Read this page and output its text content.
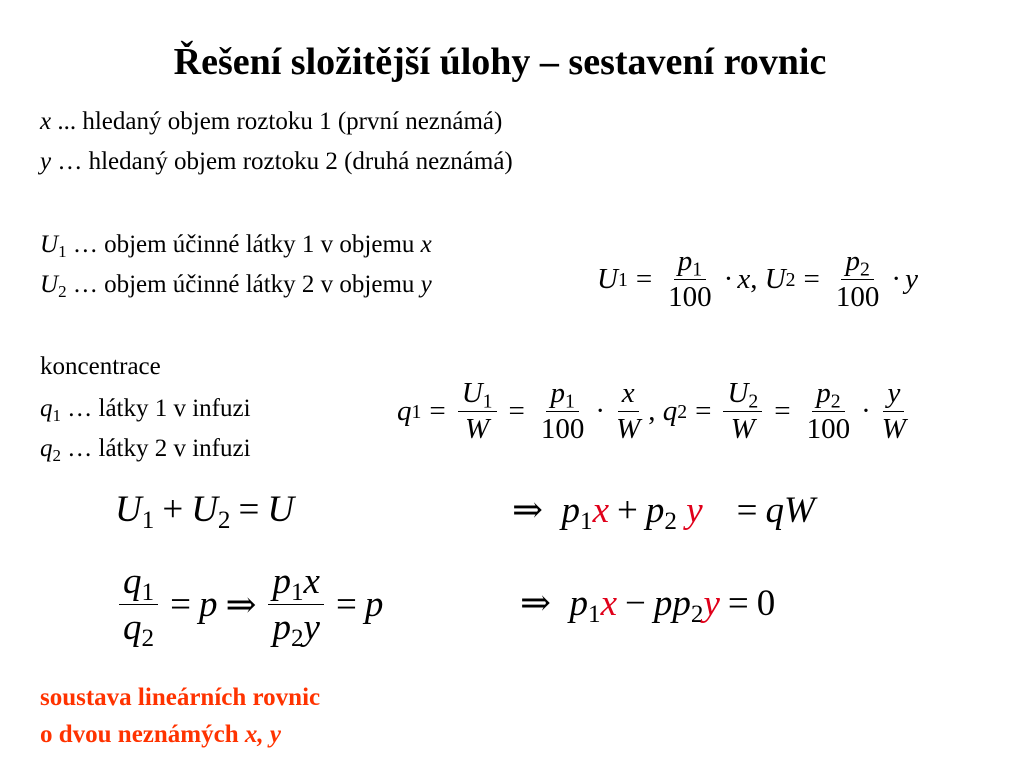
Řešení složitější úlohy – sestavení rovnic
x ... hledaný objem roztoku 1 (první neznámá)
y … hledaný objem roztoku 2 (druhá neznámá)
$U_1$ … objem účinné látky 1 v objemu x
$U_2$ … objem účinné látky 2 v objemu y	U $1 = \frac{p_1}{100} \cdot x$ , U $2 = \frac{p_2}{100} \cdot y$
koncentrace
$q_1$ … látky 1 v infuzi
$q_2$ … látky 2 v infuzi
q $1 = \frac{U_1}{W} = \frac{p_1}{100} \cdot \frac{x}{W}$ , q $2 = \frac{U_2}{W} = \frac{p_2}{100} \cdot \frac{y}{W}$
$U_1 + U_2 = U$	⇒ $p_1x + p_2$ y = qW
$\frac{q_1}{q_2} = p$ ⇒ $\frac{p_1x}{p_2y} = p$	⇒ $p_1x - pp_2y = 0$
soustava lineárních rovnic
o dvou neznámých x, y
